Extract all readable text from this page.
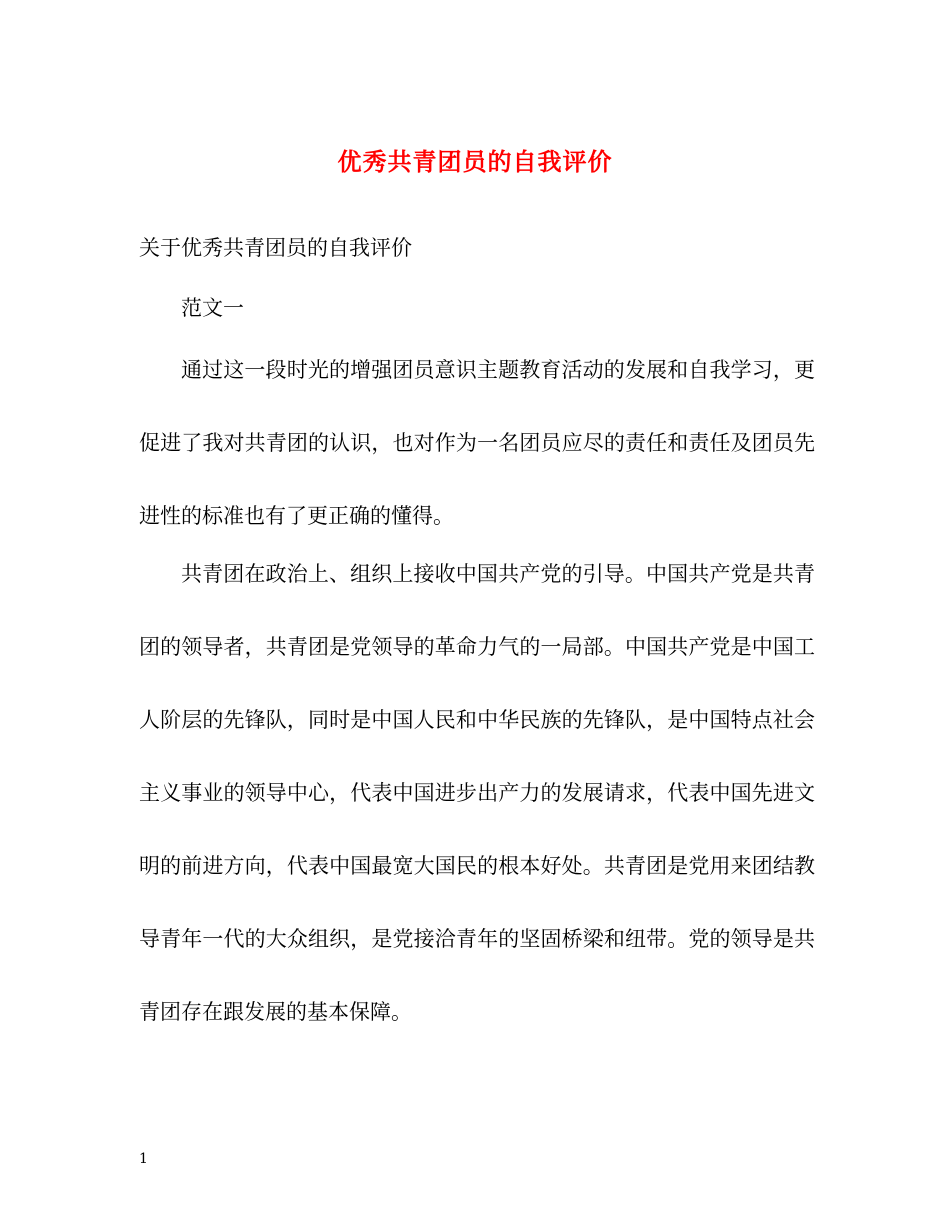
优秀共青团员的自我评价
关于优秀共青团员的自我评价
范文一

通过这一段时光的增强团员意识主题教育活动的发展和自我学习，更促进了我对共青团的认识，也对作为一名团员应尽的责任和责任及团员先进性的标准也有了更正确的懂得。

共青团在政治上、组织上接收中国共产党的引导。中国共产党是共青团的领导者，共青团是党领导的革命力气的一局部。中国共产党是中国工人阶层的先锋队，同时是中国人民和中华民族的先锋队，是中国特点社会主义事业的领导中心，代表中国进步出产力的发展请求，代表中国先进文明的前进方向，代表中国最宽大国民的根本好处。共青团是党用来团结教导青年一代的大众组织，是党接洽青年的坚固桥梁和纽带。党的领导是共青团存在跟发展的基本保障。

1
